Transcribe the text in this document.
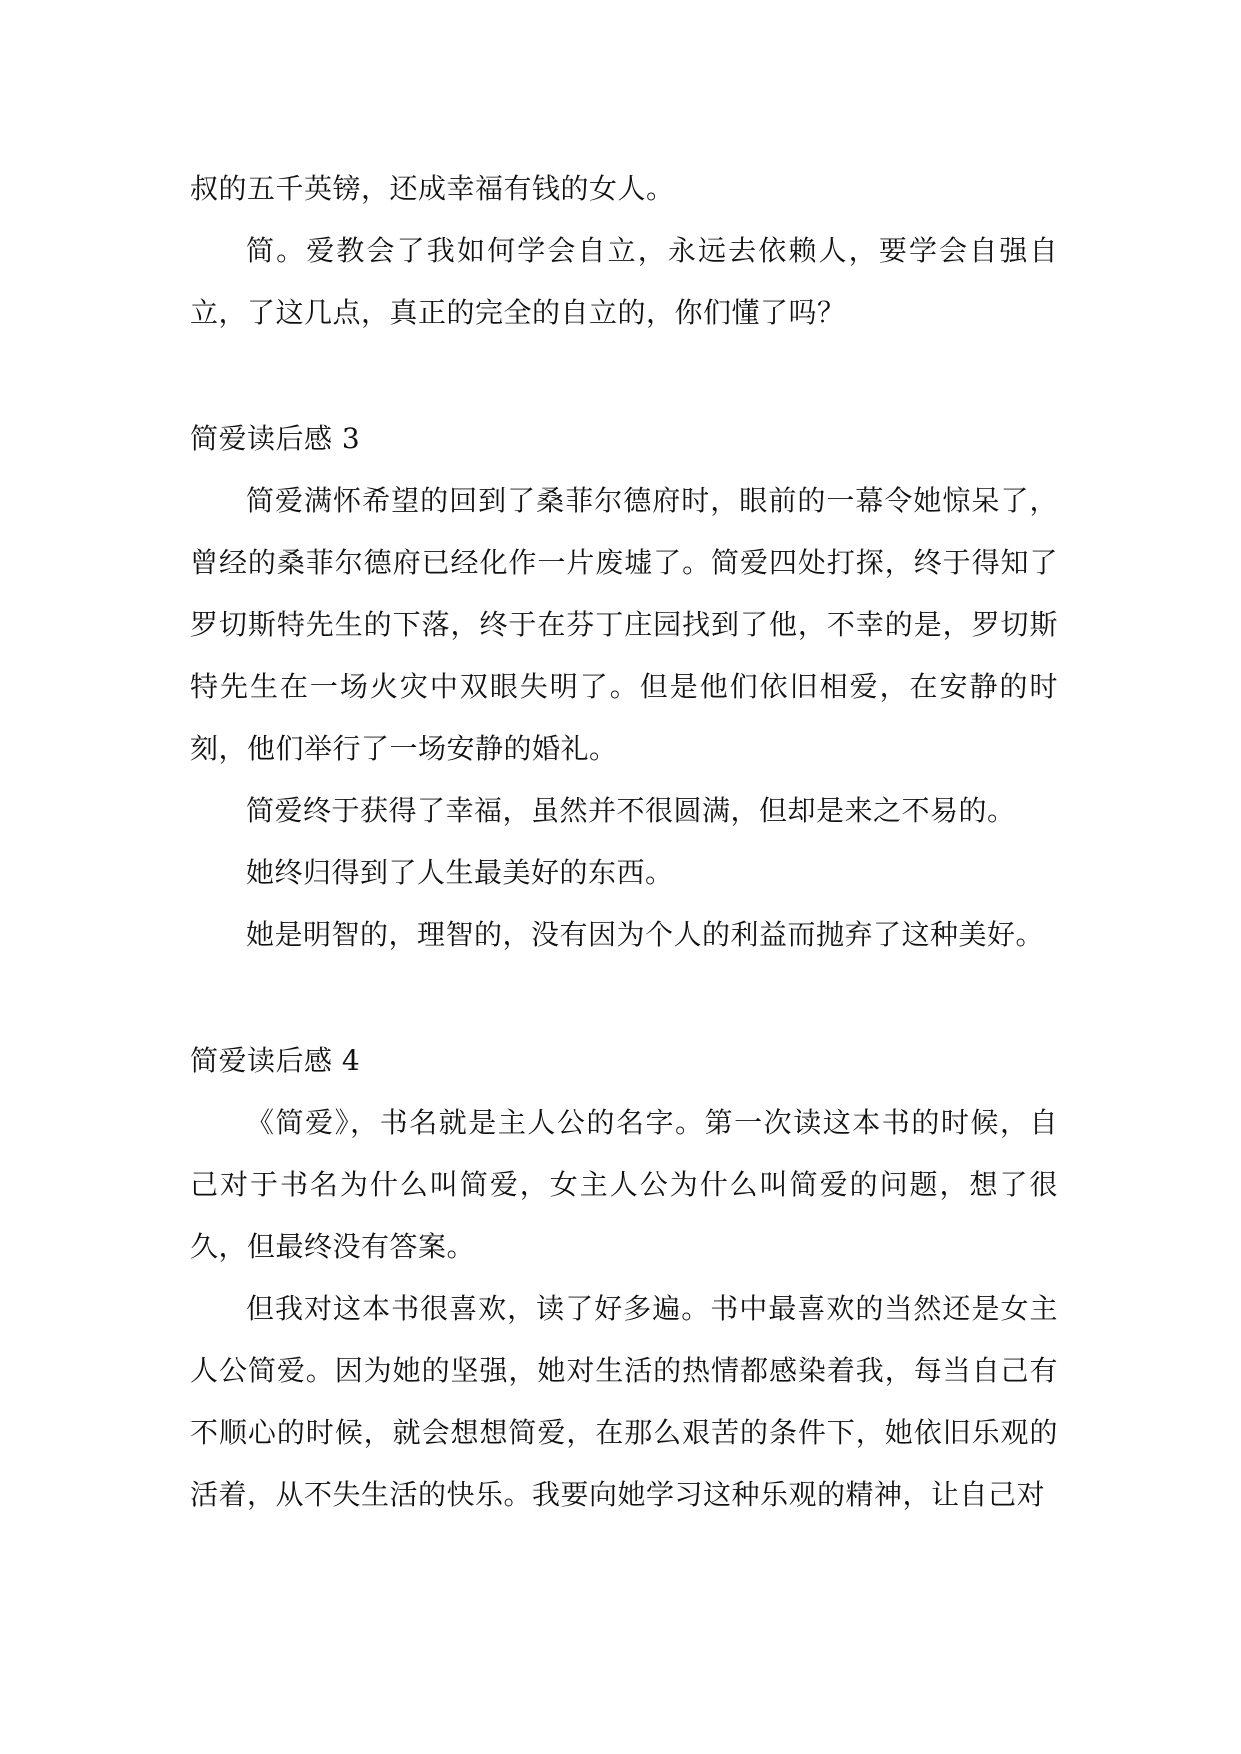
叔的五千英镑，还成幸福有钱的女人。

简。爱教会了我如何学会自立，永远去依赖人，要学会自强自立，了这几点，真正的完全的自立的，你们懂了吗？

简爱读后感 3

简爱满怀希望的回到了桑菲尔德府时，眼前的一幕令她惊呆了，曾经的桑菲尔德府已经化作一片废墟了。简爱四处打探，终于得知了罗切斯特先生的下落，终于在芬丁庄园找到了他，不幸的是，罗切斯特先生在一场火灾中双眼失明了。但是他们依旧相爱，在安静的时刻，他们举行了一场安静的婚礼。

简爱终于获得了幸福，虽然并不很圆满，但却是来之不易的。

她终归得到了人生最美好的东西。

她是明智的，理智的，没有因为个人的利益而抛弃了这种美好。

简爱读后感 4

《简爱》，书名就是主人公的名字。第一次读这本书的时候，自己对于书名为什么叫简爱，女主人公为什么叫简爱的问题，想了很久，但最终没有答案。

但我对这本书很喜欢，读了好多遍。书中最喜欢的当然还是女主人公简爱。因为她的坚强，她对生活的热情都感染着我，每当自己有不顺心的时候，就会想想简爱，在那么艰苦的条件下，她依旧乐观的活着，从不失生活的快乐。我要向她学习这种乐观的精神，让自己对
